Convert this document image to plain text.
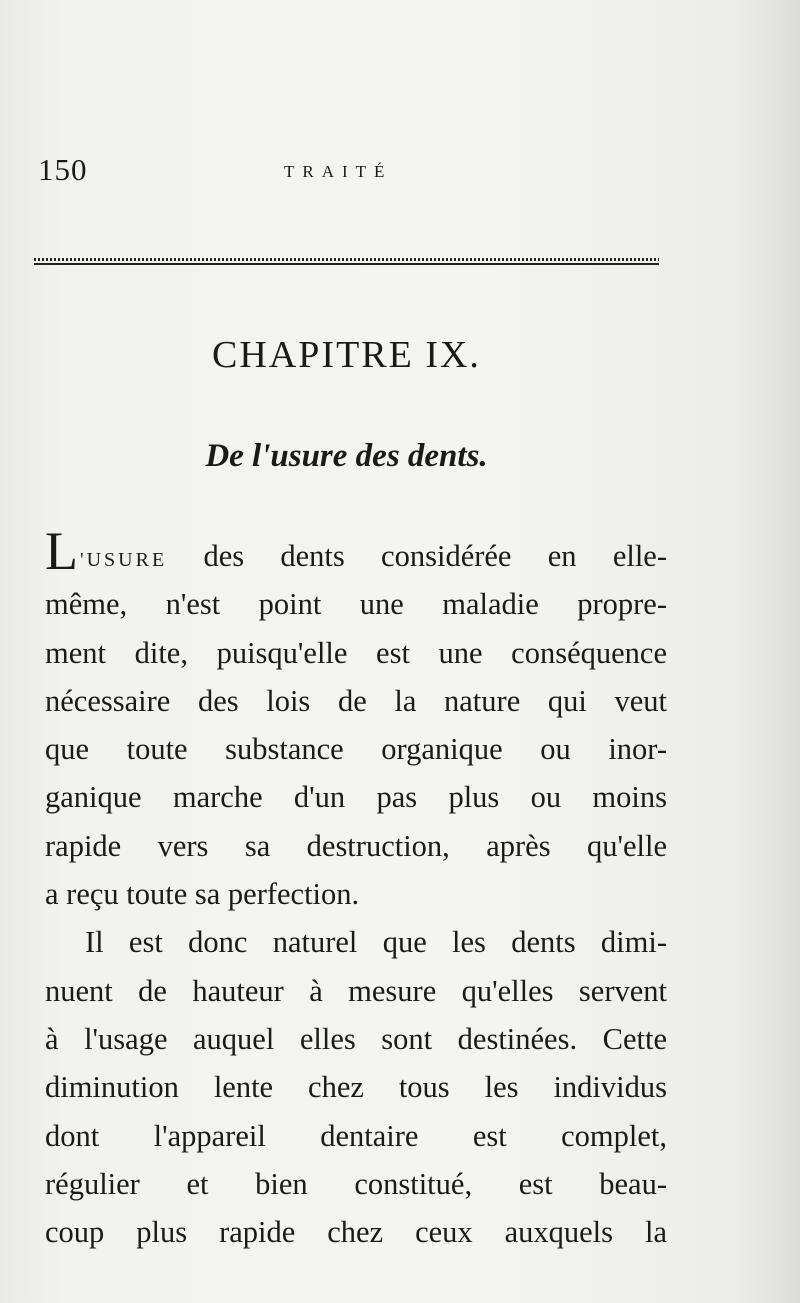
150	TRAITÉ
CHAPITRE IX.
De l'usure des dents.
L 'USURE des dents considérée en elle-
même, n'est point une maladie propre-
ment dite, puisqu'elle est une conséquence
nécessaire des lois de la nature qui veut
que toute substance organique ou inor-
ganique marche d'un pas plus ou moins
rapide vers sa destruction, après qu'elle
a reçu toute sa perfection.
Il est donc naturel que les dents dimi-
nuent de hauteur à mesure qu'elles servent
à l'usage auquel elles sont destinées. Cette
diminution lente chez tous les individus
dont l'appareil dentaire est complet,
régulier et bien constitué, est beau-
coup plus rapide chez ceux auxquels la
